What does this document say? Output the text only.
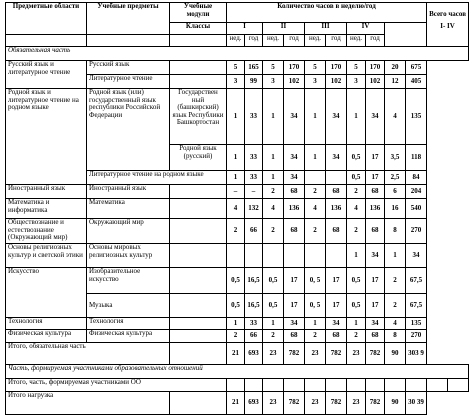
Предметные области	Учебные предметы	Учебные модули	Количество часов в неделю/год										Всего часов
I- IV	

		Классы	I		II		III		IV					
			нед.	год	нед.	год	нед.	год	нед.	год				
Обязательная часть														
Русский язык и литературное чтение	Русский язык		5	165	5	170	5	170	5	170	20	675		
	Литературное чтение		3	99	3	102	3	102	3	102	12	405		
Родной язык и литературное чтение на родном языке	Родной язык (или) государственный язык республики Российской Федерации	Государствен ный (башкирский) язык Республики Башкортостан	1	33	1	34	1	34	1	34	4	135		
		Родной язык (русский)	1	33	1	34	1	34	0,5	17	3,5	118		
	Литературное чтение на родном языке		1	33	1	34			0,5	17	2,5	84		
Иностранный язык	Иностранный язык		–	–	2	68	2	68	2	68	6	204		
Математика и информатика	Математика		4	132	4	136	4	136	4	136	16	540		
Обществознание и естествознание (Окружающий мир)	Окружающий мир		2	66	2	68	2	68	2	68	8	270		
Основы религиозных культур и светской этики	Основы мировых религиозных культур								1	34	1	34		
Искусство	Изобразительное искусство		0,5	16,5	0,5	17	0, 5	17	0,5	17	2	67,5		
	Музыка		0,5	16,5	0,5	17	0, 5	17	0,5	17	2	67,5		
Технология	Технология		1	33	1	34	1	34	1	34	4	135		
Физическая культура	Физическая культура		2	66	2	68	2	68	2	68	8	270		
Итого, обязательная часть			21	693	23	782	23	782	23	782	90	303 9		
Часть, формируемая участниками образовательных отношений														
Итого, часть, формируемая участниками ОО														
Итого нагрузка			21	693	23	782	23	782	23	782	90	30 39		
